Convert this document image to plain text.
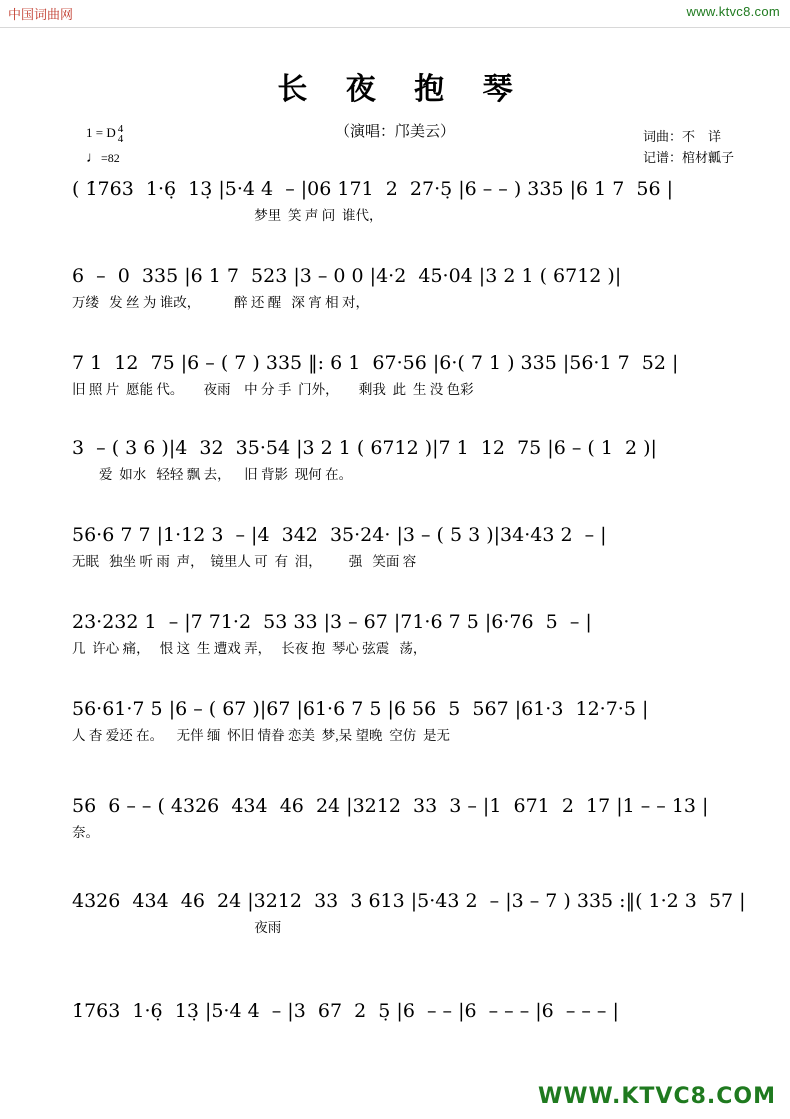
中国词曲网	www.ktvc8.com
长 夜 抱 琴
（演唱：邝美云）
1 = D 4
4
♩=82
词曲：不　详
记谱：棺材瓤子
( 1̇763  1·6̣  13̣ |5·4 4  – |06 171  2  27·5̣ |6 – – ) 335 |6 1 7  56 |
梦里  笑 声 问  谁代，
6  –  0  335 |6 1 7  523 |3 – 0 0 |4·2  45·04 |3 2 1 ( 6712 )|
万缕   发 丝 为 谁改，          醉 还 醒   深 宵 相 对，
7 1  12  75 |6 – ( 7 ) 335 ‖: 6 1  67·56 |6·( 7 1 ) 335 |56·1 7  52 |
旧 照 片  愿能 代。      夜雨    中 分 手  门外，      剩我  此  生 没 色彩
3  – ( 3 6 )|4  32  35·54 |3 2 1 ( 6712 )|7 1  12  75 |6 – ( 1  2 )|
爱  如水   轻轻 飘 去，    旧 背影  现何 在。
56·6 7 7 |1·12 3  – |4  342  35·24· |3 – ( 5 3 )|34·43 2  – |
无眠   独坐 听 雨  声，  镜里人 可  有  泪，        强   笑面 容
23·232 1  – |7 71·2  53 33 |3 – 67 |71·6 7 5 |6·76  5  – |
几  许心 痛，   恨 这  生 遭戏 弄，   长夜 抱  琴心 弦震   荡，
56·61·7 5 |6 – ( 67 )|67 |61·6 7 5 |6 56  5  567 |61·3  12·7·5 |
人 杳 爱还 在。    无伴 缅  怀旧 情眷 恋美  梦,呆 望晚  空仿  是无
56  6 – – ( 4326  434  46  24 |3212  33  3 – |1  671  2  17 |1 – – 13 |
奈。
4326  434  46  24 |3212  33  3 613 |5·43 2  – |3 – 7 ) 335 :‖( 1·2 3  57 |
夜雨
1̇763  1·6̣  13̣ |5·4 4  – |3  67  2  5̣ |6  – – |6  – – – |6  – – – |
WWW.KTVC8.COM
